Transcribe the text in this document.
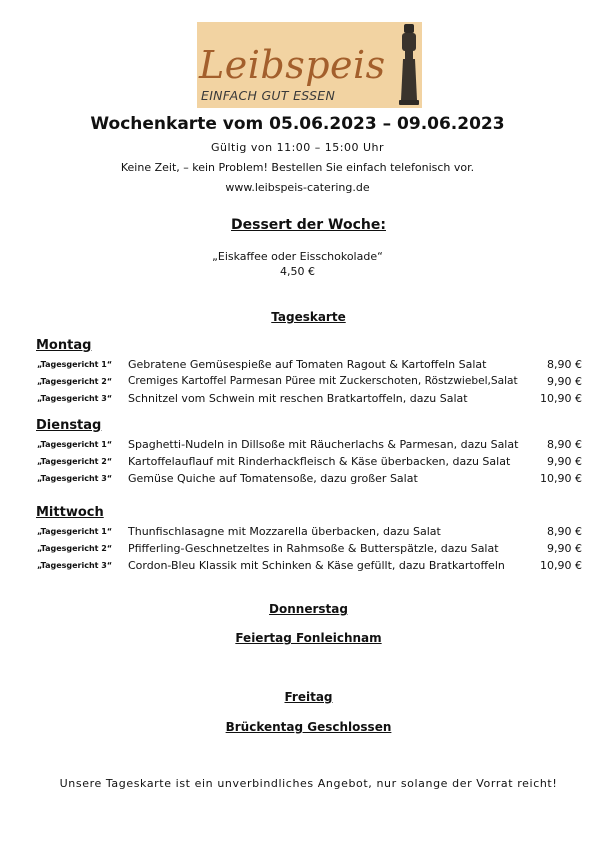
Leibspeis
EINFACH GUT ESSEN
Wochenkarte vom 05.06.2023 – 09.06.2023
Gültig von 11:00 – 15:00 Uhr
Keine Zeit, – kein Problem! Bestellen Sie einfach telefonisch vor.
www.leibspeis-catering.de
Dessert der Woche:
„Eiskaffee oder Eisschokolade“
4,50 €
Tageskarte
Montag
„Tagesgericht 1“ Gebratene Gemüsespieße auf Tomaten Ragout & Kartoffeln Salat	8,90 €
„Tagesgericht 2“ Cremiges Kartoffel Parmesan Püree mit Zuckerschoten, Röstzwiebel,Salat	9,90 €
„Tagesgericht 3“ Schnitzel vom Schwein mit reschen Bratkartoffeln, dazu Salat	10,90 €
Dienstag
„Tagesgericht 1“ Spaghetti-Nudeln in Dillsoße mit Räucherlachs & Parmesan, dazu Salat	8,90 €
„Tagesgericht 2“ Kartoffelauflauf mit Rinderhackfleisch & Käse überbacken, dazu Salat	9,90 €
„Tagesgericht 3“ Gemüse Quiche auf Tomatensoße, dazu großer Salat	10,90 €
Mittwoch
„Tagesgericht 1“ Thunfischlasagne mit Mozzarella überbacken, dazu Salat	8,90 €
„Tagesgericht 2“ Pfifferling-Geschnetzeltes in Rahmsoße & Butterspätzle, dazu Salat	9,90 €
„Tagesgericht 3“ Cordon-Bleu Klassik mit Schinken & Käse gefüllt, dazu Bratkartoffeln	10,90 €
Donnerstag
Feiertag Fonleichnam
Freitag
Brückentag Geschlossen
Unsere Tageskarte ist ein unverbindliches Angebot, nur solange der Vorrat reicht!
